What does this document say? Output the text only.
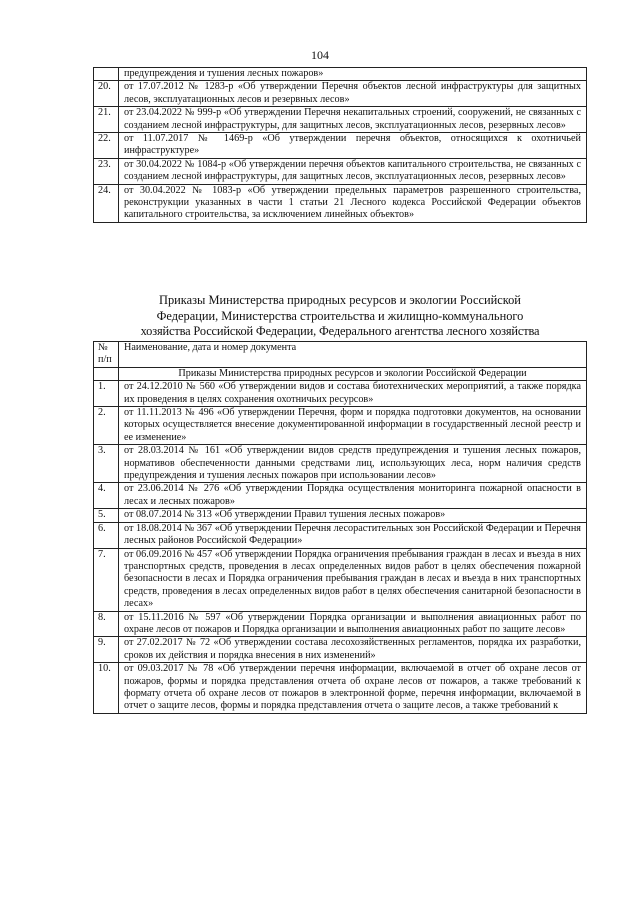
104
	предупреждения и тушения лесных пожаров»
20.	от 17.07.2012 № 1283-р «Об утверждении Перечня объектов лесной инфраструктуры для защитных лесов, эксплуатационных лесов и резервных лесов»
21.	от 23.04.2022 № 999-р «Об утверждении Перечня некапитальных строений, сооружений, не связанных с созданием лесной инфраструктуры, для защитных лесов, эксплуатационных лесов, резервных лесов»
22.	от 11.07.2017 № 1469-р «Об утверждении перечня объектов, относящихся к охотничьей инфраструктуре»
23.	от 30.04.2022 № 1084-р «Об утверждении перечня объектов капитального строительства, не связанных с созданием лесной инфраструктуры, для защитных лесов, эксплуатационных лесов, резервных лесов»
24.	от 30.04.2022 № 1083-р «Об утверждении предельных параметров разрешенного строительства, реконструкции указанных в части 1 статьи 21 Лесного кодекса Российской Федерации объектов капитального строительства, за исключением линейных объектов»
Приказы Министерства природных ресурсов и экологии Российской
Федерации, Министерства строительства и жилищно-коммунального
хозяйства Российской Федерации, Федерального агентства лесного хозяйства
№ п/п	Наименование, дата и номер документа
	Приказы Министерства природных ресурсов и экологии Российской Федерации
1.	от 24.12.2010 № 560 «Об утверждении видов и состава биотехнических мероприятий, а также порядка их проведения в целях сохранения охотничьих ресурсов»
2.	от 11.11.2013 № 496 «Об утверждении Перечня, форм и порядка подготовки документов, на основании которых осуществляется внесение документированной информации в государственный лесной реестр и ее изменение»
3.	от 28.03.2014 № 161 «Об утверждении видов средств предупреждения и тушения лесных пожаров, нормативов обеспеченности данными средствами лиц, использующих леса, норм наличия средств предупреждения и тушения лесных пожаров при использовании лесов»
4.	от 23.06.2014 № 276 «Об утверждении Порядка осуществления мониторинга пожарной опасности в лесах и лесных пожаров»
5.	от 08.07.2014 № 313 «Об утверждении Правил тушения лесных пожаров»
6.	от 18.08.2014 № 367 «Об утверждении Перечня лесорастительных зон Российской Федерации и Перечня лесных районов Российской Федерации»
7.	от 06.09.2016 № 457 «Об утверждении Порядка ограничения пребывания граждан в лесах и въезда в них транспортных средств, проведения в лесах определенных видов работ в целях обеспечения пожарной безопасности в лесах и Порядка ограничения пребывания граждан в лесах и въезда в них транспортных средств, проведения в лесах определенных видов работ в целях обеспечения санитарной безопасности в лесах»
8.	от 15.11.2016 № 597 «Об утверждении Порядка организации и выполнения авиационных работ по охране лесов от пожаров и Порядка организации и выполнения авиационных работ по защите лесов»
9.	от 27.02.2017 № 72 «Об утверждении состава лесохозяйственных регламентов, порядка их разработки, сроков их действия и порядка внесения в них изменений»
10.	от 09.03.2017 № 78 «Об утверждении перечня информации, включаемой в отчет об охране лесов от пожаров, формы и порядка представления отчета об охране лесов от пожаров, а также требований к формату отчета об охране лесов от пожаров в электронной форме, перечня информации, включаемой в отчет о защите лесов, формы и порядка представления отчета о защите лесов, а также требований к
